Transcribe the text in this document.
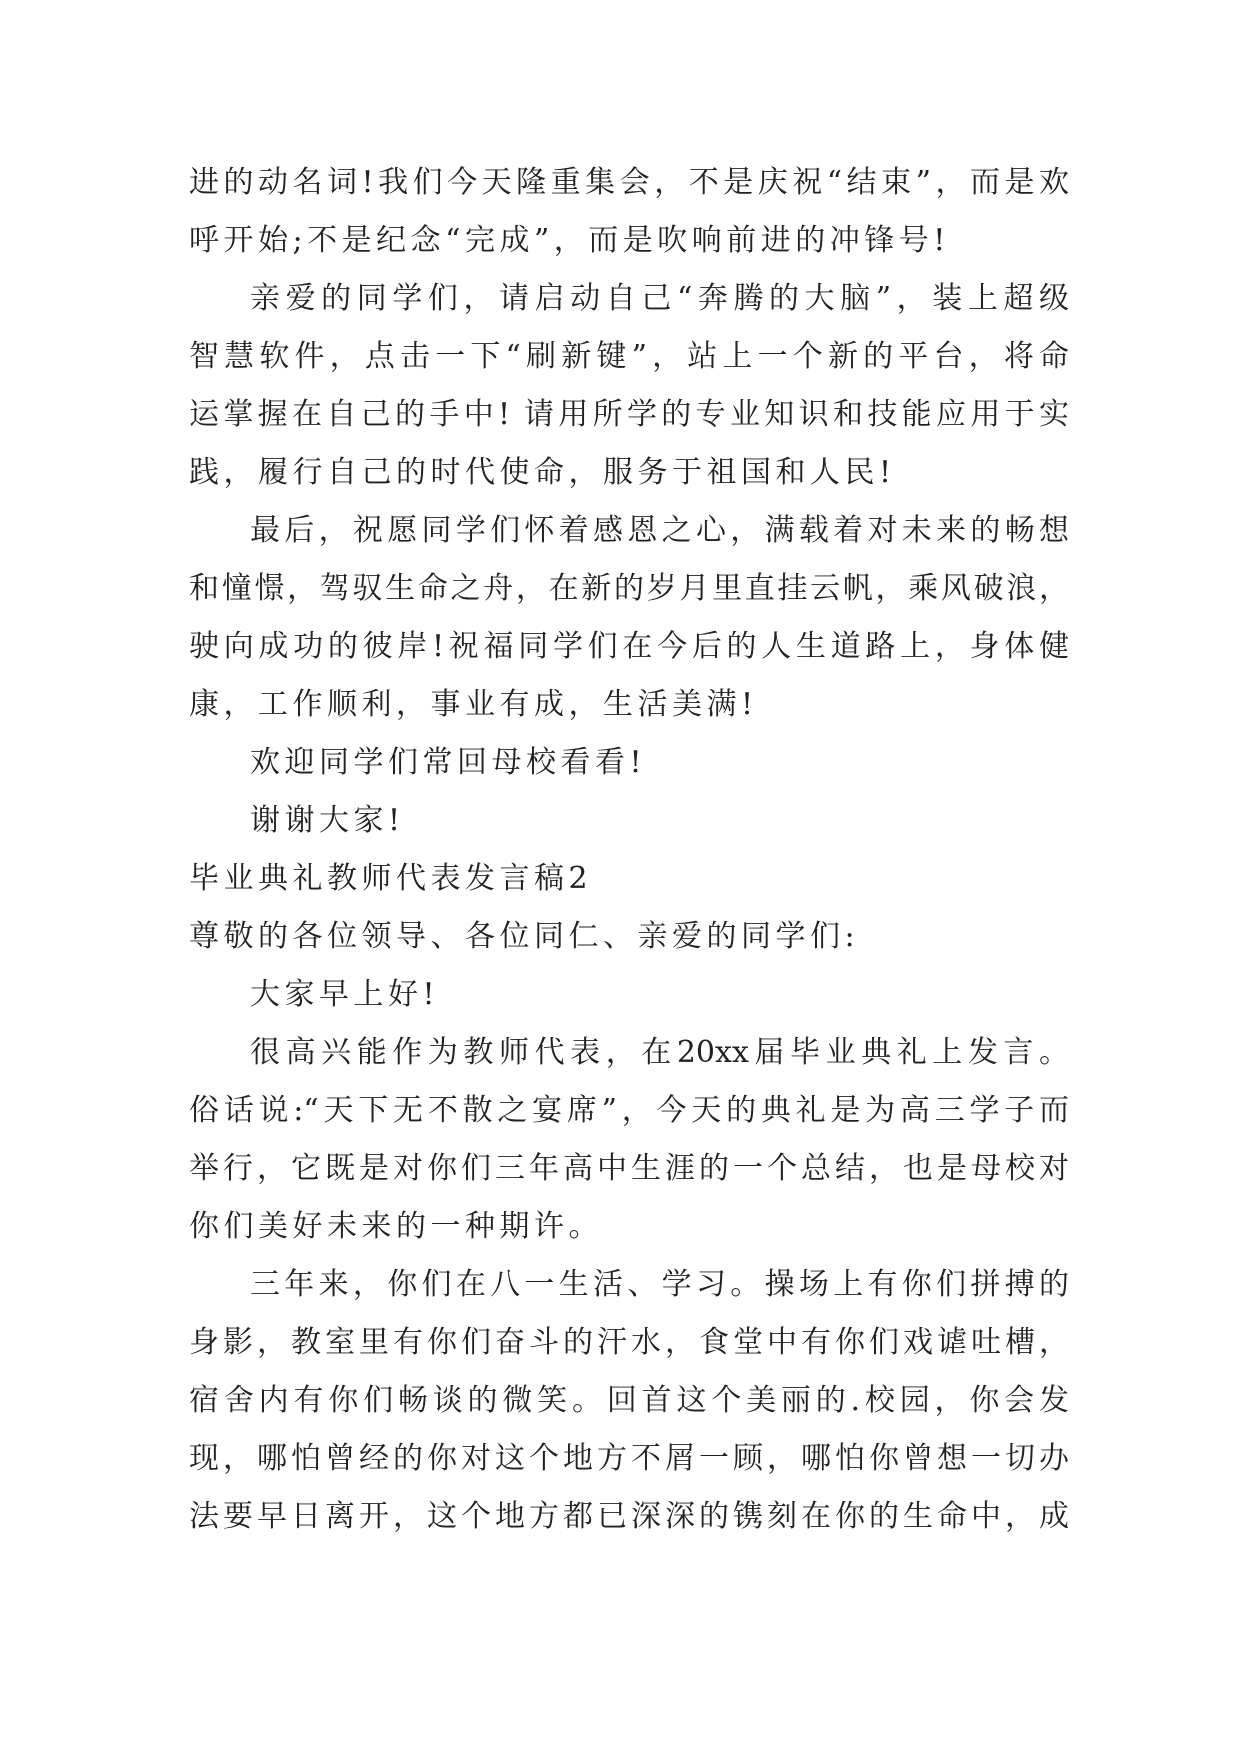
进的动名词!我们今天隆重集会，不是庆祝“结束”，而是欢
呼开始;不是纪念“完成”，而是吹响前进的冲锋号!
亲爱的同学们，请启动自己“奔腾的大脑”，装上超级
智慧软件，点击一下“刷新键”，站上一个新的平台，将命
运掌握在自己的手中! 请用所学的专业知识和技能应用于实
践，履行自己的时代使命，服务于祖国和人民!
最后，祝愿同学们怀着感恩之心，满载着对未来的畅想
和憧憬，驾驭生命之舟，在新的岁月里直挂云帆，乘风破浪，
驶向成功的彼岸!祝福同学们在今后的人生道路上，身体健
康，工作顺利，事业有成，生活美满!
欢迎同学们常回母校看看!
谢谢大家!
毕业典礼教师代表发言稿2
尊敬的各位领导、各位同仁、亲爱的同学们:
大家早上好!
很高兴能作为教师代表，在20xx届毕业典礼上发言。
俗话说:“天下无不散之宴席”，今天的典礼是为高三学子而
举行，它既是对你们三年高中生涯的一个总结，也是母校对
你们美好未来的一种期许。
三年来，你们在八一生活、学习。操场上有你们拼搏的
身影，教室里有你们奋斗的汗水，食堂中有你们戏谑吐槽，
宿舍内有你们畅谈的微笑。回首这个美丽的.校园，你会发
现，哪怕曾经的你对这个地方不屑一顾，哪怕你曾想一切办
法要早日离开，这个地方都已深深的镌刻在你的生命中，成
